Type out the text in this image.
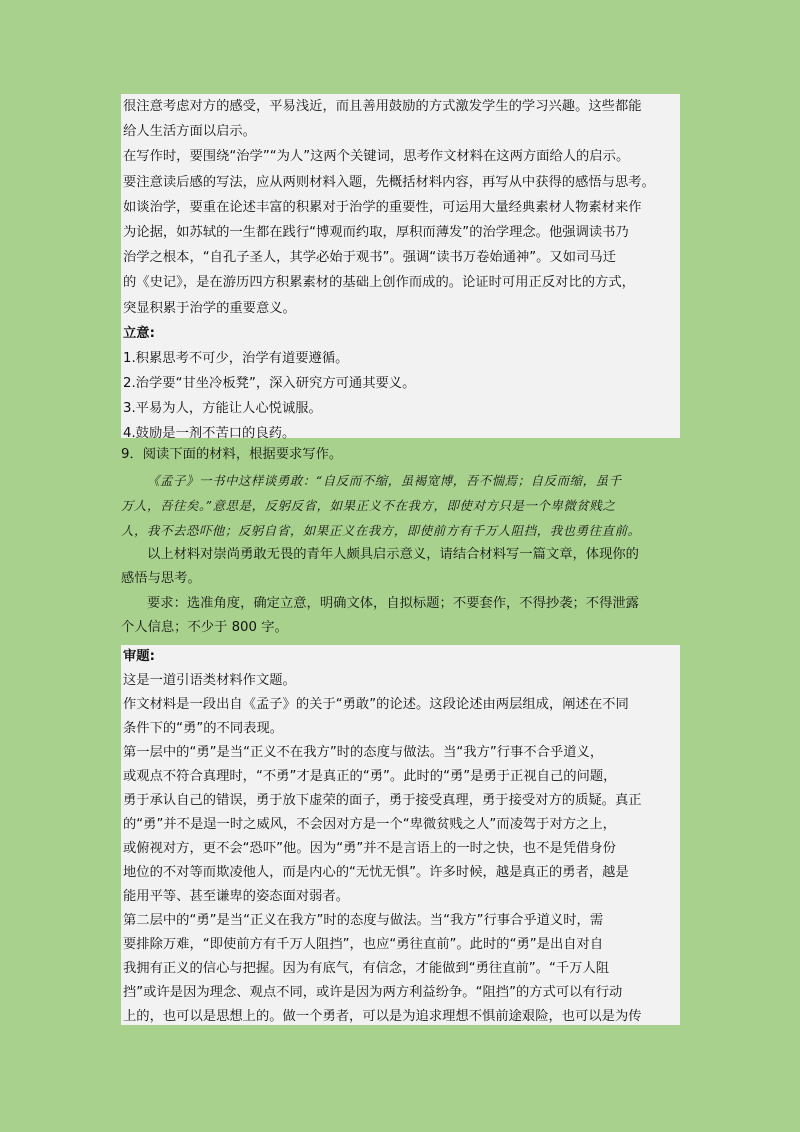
很注意考虑对方的感受，平易浅近，而且善用鼓励的方式激发学生的学习兴趣。这些都能
给人生活方面以启示。
在写作时，要围绕“治学”“为人”这两个关键词，思考作文材料在这两方面给人的启示。
要注意读后感的写法，应从两则材料入题，先概括材料内容，再写从中获得的感悟与思考。
如谈治学，要重在论述丰富的积累对于治学的重要性，可运用大量经典素材人物素材来作
为论据，如苏轼的一生都在践行“博观而约取，厚积而薄发”的治学理念。他强调读书乃
治学之根本，“自孔子圣人，其学必始于观书”。强调“读书万卷始通神”。又如司马迁
的《史记》，是在游历四方积累素材的基础上创作而成的。论证时可用正反对比的方式，
突显积累于治学的重要意义。
立意:
1.积累思考不可少，治学有道要遵循。
2.治学要“甘坐冷板凳”，深入研究方可通其要义。
3.平易为人，方能让人心悦诚服。
4.鼓励是一剂不苦口的良药。
9．阅读下面的材料，根据要求写作。
《孟子》一书中这样谈勇敢：“自反而不缩，虽褐宽博，吾不惴焉；自反而缩，虽千
万人，吾往矣。”意思是，反躬反省，如果正义不在我方，即使对方只是一个卑微贫贱之
人，我不去恐吓他；反躬自省，如果正义在我方，即使前方有千万人阻挡，我也勇往直前。
以上材料对崇尚勇敢无畏的青年人颇具启示意义，请结合材料写一篇文章，体现你的
感悟与思考。
要求：选准角度，确定立意，明确文体，自拟标题；不要套作，不得抄袭；不得泄露
个人信息；不少于 800 字。
审题:
这是一道引语类材料作文题。
作文材料是一段出自《孟子》的关于“勇敢”的论述。这段论述由两层组成，阐述在不同
条件下的“勇”的不同表现。
第一层中的“勇”是当“正义不在我方”时的态度与做法。当“我方”行事不合乎道义，
或观点不符合真理时，“不勇”才是真正的“勇”。此时的“勇”是勇于正视自己的问题，
勇于承认自己的错误，勇于放下虚荣的面子，勇于接受真理，勇于接受对方的质疑。真正
的“勇”并不是逞一时之威风，不会因对方是一个“卑微贫贱之人”而凌驾于对方之上，
或俯视对方，更不会“恐吓”他。因为“勇”并不是言语上的一时之快，也不是凭借身份
地位的不对等而欺凌他人，而是内心的“无忧无惧”。许多时候，越是真正的勇者，越是
能用平等、甚至谦卑的姿态面对弱者。
第二层中的“勇”是当“正义在我方”时的态度与做法。当“我方”行事合乎道义时，需
要排除万难，“即使前方有千万人阻挡”，也应“勇往直前”。此时的“勇”是出自对自
我拥有正义的信心与把握。因为有底气，有信念，才能做到“勇往直前”。“千万人阻
挡”或许是因为理念、观点不同，或许是因为两方利益纷争。“阻挡”的方式可以有行动
上的，也可以是思想上的。做一个勇者，可以是为追求理想不惧前途艰险，也可以是为传
